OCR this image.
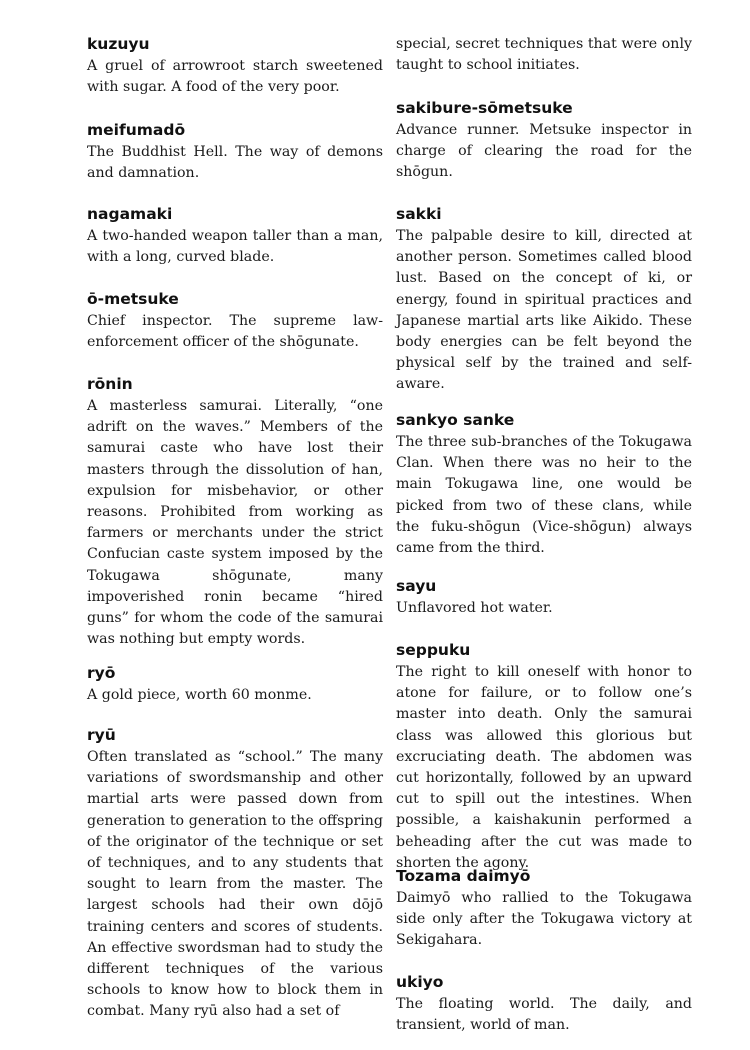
kuzuyu

A gruel of arrowroot starch sweetened with sugar. A food of the very poor.

meifumadō

The Buddhist Hell. The way of demons and damnation.

nagamaki

A two-handed weapon taller than a man, with a long, curved blade.

ō-metsuke

Chief inspector. The supreme law-enforcement officer of the shōgunate.

rōnin

A masterless samurai. Literally, “one adrift on the waves.” Members of the samurai caste who have lost their masters through the dissolution of han, expulsion for misbehavior, or other reasons. Prohibited from working as farmers or merchants under the strict Confucian caste system imposed by the Tokugawa shōgunate, many impoverished ronin became “hired guns” for whom the code of the samurai was nothing but empty words.

ryō

A gold piece, worth 60 monme.

ryū

Often translated as “school.” The many variations of swordsmanship and other martial arts were passed down from generation to generation to the offspring of the originator of the technique or set of techniques, and to any students that sought to learn from the master. The largest schools had their own dōjō training centers and scores of students. An effective swordsman had to study the different techniques of the various schools to know how to block them in combat. Many ryū also had a set of

special, secret techniques that were only taught to school initiates.

sakibure-sōmetsuke

Advance runner. Metsuke inspector in charge of clearing the road for the shōgun.

sakki

The palpable desire to kill, directed at another person. Sometimes called blood lust. Based on the concept of ki, or energy, found in spiritual practices and Japanese martial arts like Aikido. These body energies can be felt beyond the physical self by the trained and self-aware.

sankyo sanke

The three sub-branches of the Tokugawa Clan. When there was no heir to the main Tokugawa line, one would be picked from two of these clans, while the fuku-shōgun (Vice-shōgun) always came from the third.

sayu

Unflavored hot water.

seppuku

The right to kill oneself with honor to atone for failure, or to follow one’s master into death. Only the samurai class was allowed this glorious but excruciating death. The abdomen was cut horizontally, followed by an upward cut to spill out the intestines. When possible, a kaishakunin performed a beheading after the cut was made to shorten the agony.

Tozama daimyō

Daimyō who rallied to the Tokugawa side only after the Tokugawa victory at Sekigahara.

ukiyo

The floating world. The daily, and transient, world of man.
